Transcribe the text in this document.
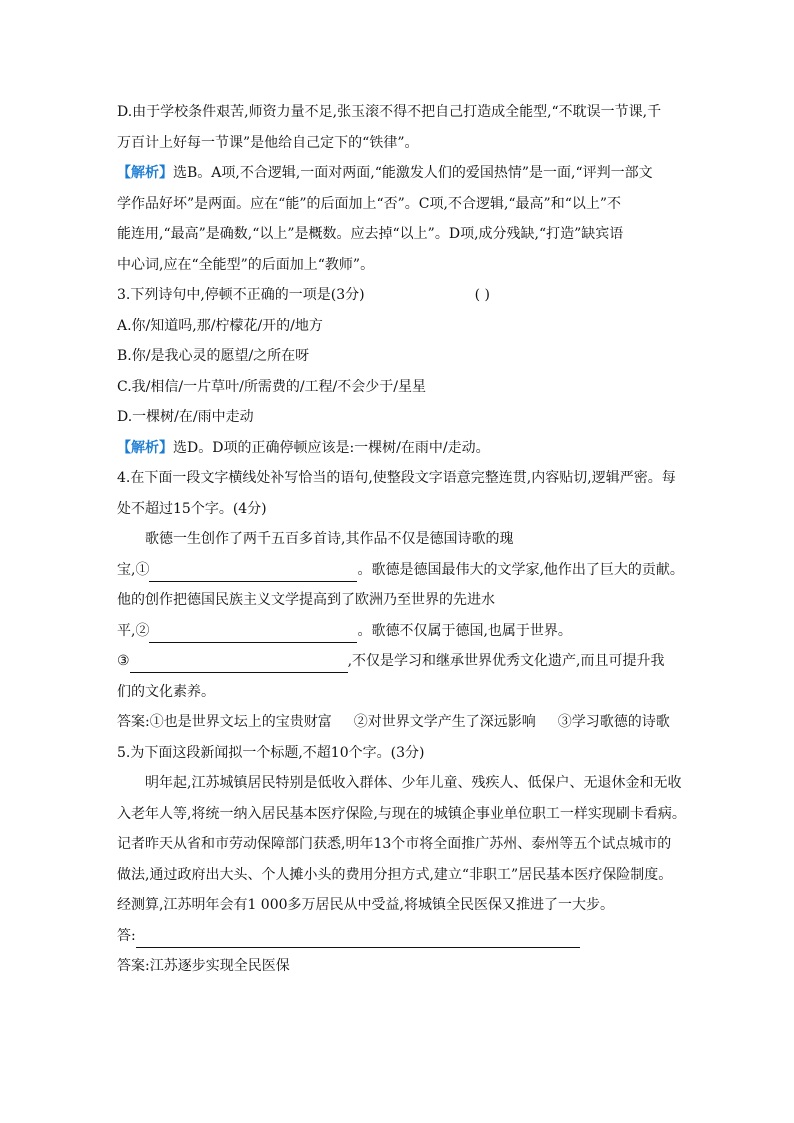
D.由于学校条件艰苦,师资力量不足,张玉滚不得不把自己打造成全能型,“不耽误一节课,千
万百计上好每一节课”是他给自己定下的“铁律”。
【解析】选B。A项,不合逻辑,一面对两面,“能激发人们的爱国热情”是一面,“评判一部文
学作品好坏”是两面。应在“能”的后面加上“否”。C项,不合逻辑,“最高”和“以上”不
能连用,“最高”是确数,“以上”是概数。应去掉“以上”。D项,成分残缺,“打造”缺宾语
中心词,应在“全能型”的后面加上“教师”。
3.下列诗句中,停顿不正确的一项是(3分)	( )
A.你/知道吗,那/柠檬花/开的/地方
B.你/是我心灵的愿望/之所在呀
C.我/相信/一片草叶/所需费的/工程/不会少于/星星
D.一棵树/在/雨中走动
【解析】选D。D项的正确停顿应该是:一棵树/在雨中/走动。
4.在下面一段文字横线处补写恰当的语句,使整段文字语意完整连贯,内容贴切,逻辑严密。每
处不超过15个字。(4分)
歌德一生创作了两千五百多首诗,其作品不仅是德国诗歌的瑰
宝,①	。歌德是德国最伟大的文学家,他作出了巨大的贡献。
他的创作把德国民族主义文学提高到了欧洲乃至世界的先进水
平,②	。歌德不仅属于德国,也属于世界。
③	,不仅是学习和继承世界优秀文化遗产,而且可提升我
们的文化素养。
答案:①也是世界文坛上的宝贵财富 ②对世界文学产生了深远影响 ③学习歌德的诗歌
5.为下面这段新闻拟一个标题,不超10个字。(3分)
明年起,江苏城镇居民特别是低收入群体、少年儿童、残疾人、低保户、无退休金和无收
入老年人等,将统一纳入居民基本医疗保险,与现在的城镇企事业单位职工一样实现刷卡看病。
记者昨天从省和市劳动保障部门获悉,明年13个市将全面推广苏州、泰州等五个试点城市的
做法,通过政府出大头、个人摊小头的费用分担方式,建立“非职工”居民基本医疗保险制度。
经测算,江苏明年会有1 000多万居民从中受益,将城镇全民医保又推进了一大步。
答:
答案:江苏逐步实现全民医保
